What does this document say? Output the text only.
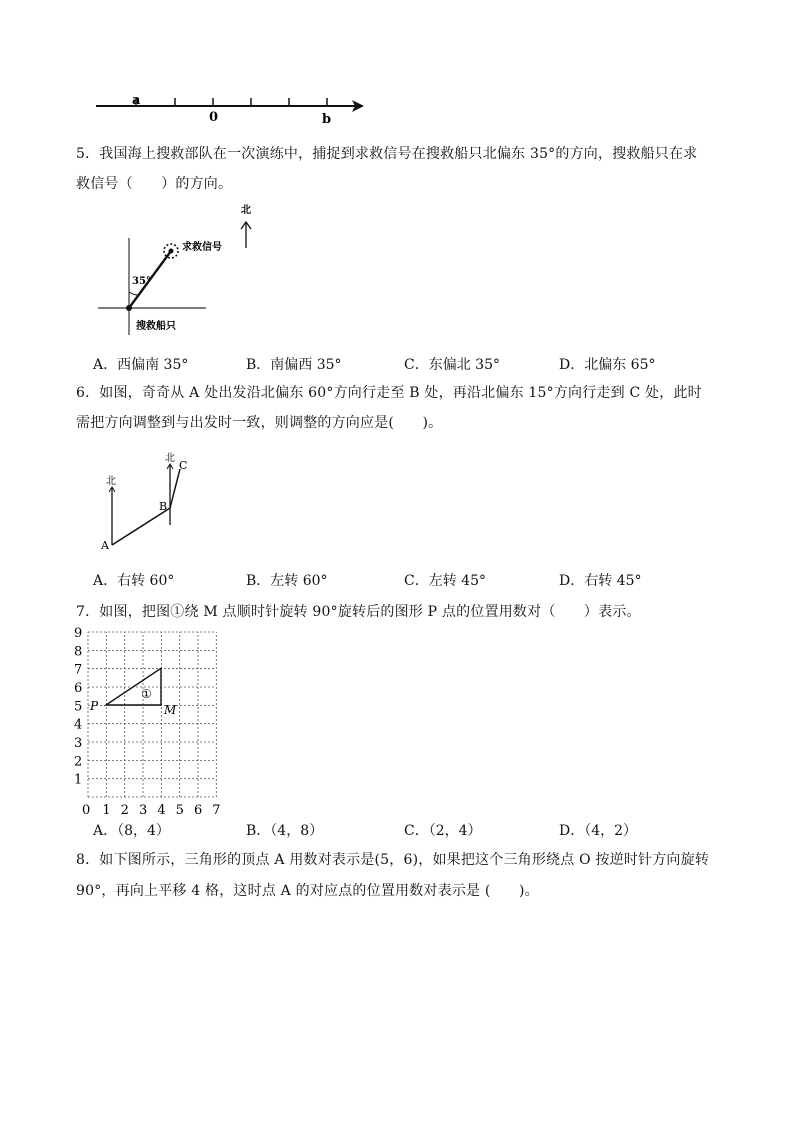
a
0	b
5．我国海上搜救部队在一次演练中，捕捉到求救信号在搜救船只北偏东 35°的方向，搜救船只在求
救信号（　　）的方向。
北
求救信号
35°
搜救船只
A．西偏南 35°	B．南偏西 35°	C．东偏北 35°	D．北偏东 65°
6．如图，奇奇从 A 处出发沿北偏东 60°方向行走至 B 处，再沿北偏东 15°方向行走到 C 处，此时
需把方向调整到与出发时一致，则调整的方向应是(　　)。
北
北
A
B
C
A．右转 60°	B．左转 60°	C．左转 45°	D．右转 45°
7．如图，把图①绕 M 点顺时针旋转 90°旋转后的图形 P 点的位置用数对（　　）表示。
1
2
3
4
5
6
7
8
9
0 1 2 3 4 5 6 7
P	M
①
A．（8，4）	B．（4，8）	C．（2，4）	D．（4，2）
8．如下图所示，三角形的顶点 A 用数对表示是(5，6)，如果把这个三角形绕点 O 按逆时针方向旋转
90°，再向上平移 4 格，这时点 A 的对应点的位置用数对表示是 (　　)。
